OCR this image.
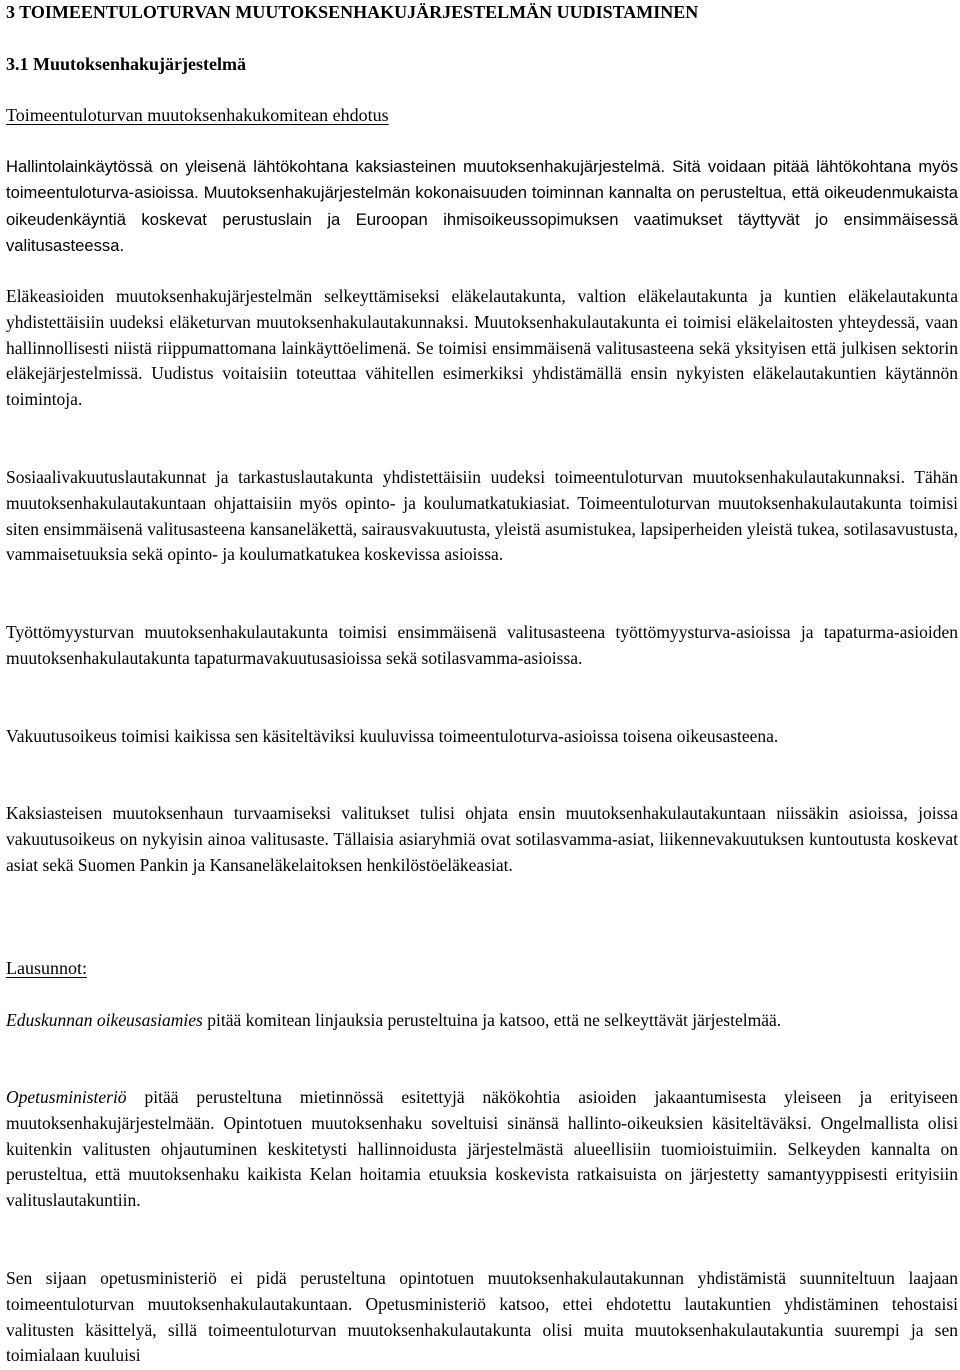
3 TOIMEENTULOTURVAN MUUTOKSENHAKUJÄRJESTELMÄN UUDISTAMINEN
3.1 Muutoksenhakujärjestelmä
Toimeentuloturvan muutoksenhakukomitean ehdotus

Hallintolainkäytössä on yleisenä lähtökohtana kaksiasteinen muutoksenhakujärjestelmä. Sitä voidaan pitää lähtökohtana myös toimeentuloturva-asioissa. Muutoksenhakujärjestelmän kokonaisuuden toiminnan kannalta on perusteltua, että oikeudenmukaista oikeudenkäyntiä koskevat perustuslain ja Euroopan ihmisoikeussopimuksen vaatimukset täyttyvät jo ensimmäisessä valitusasteessa.

Eläkeasioiden muutoksenhakujärjestelmän selkeyttämiseksi eläkelautakunta, valtion eläkelautakunta ja kuntien eläkelautakunta yhdistettäisiin uudeksi eläketurvan muutoksenhakulautakunnaksi. Muutoksenhakulautakunta ei toimisi eläkelaitosten yhteydessä, vaan hallinnollisesti niistä riippumattomana lainkäyttöelimenä. Se toimisi ensimmäisenä valitusasteena sekä yksityisen että julkisen sektorin eläkejärjestelmissä. Uudistus voitaisiin toteuttaa vähitellen esimerkiksi yhdistämällä ensin nykyisten eläkelautakuntien käytännön toimintoja.

Sosiaalivakuutuslautakunnat ja tarkastuslautakunta yhdistettäisiin uudeksi toimeentuloturvan muutoksenhakulautakunnaksi. Tähän muutoksenhakulautakuntaan ohjattaisiin myös opinto- ja koulumatkatukiasiat. Toimeentuloturvan muutoksenhakulautakunta toimisi siten ensimmäisenä valitusasteena kansaneläkettä, sairausvakuutusta, yleistä asumistukea, lapsiperheiden yleistä tukea, sotilasavustusta, vammaisetuuksia sekä opinto- ja koulumatkatukea koskevissa asioissa.

Työttömyysturvan muutoksenhakulautakunta toimisi ensimmäisenä valitusasteena työttömyysturva-asioissa ja tapaturma-asioiden muutoksenhakulautakunta tapaturmavakuutusasioissa sekä sotilasvamma-asioissa.

Vakuutusoikeus toimisi kaikissa sen käsiteltäviksi kuuluvissa toimeentuloturva-asioissa toisena oikeusasteena.

Kaksiasteisen muutoksenhaun turvaamiseksi valitukset tulisi ohjata ensin muutoksenhakulautakuntaan niissäkin asioissa, joissa vakuutusoikeus on nykyisin ainoa valitusaste. Tällaisia asiaryhmiä ovat sotilasvamma-asiat, liikennevakuutuksen kuntoutusta koskevat asiat sekä Suomen Pankin ja Kansaneläkelaitoksen henkilöstöeläkeasiat.

Lausunnot:

Eduskunnan oikeusasiamies pitää komitean linjauksia perusteltuina ja katsoo, että ne selkeyttävät järjestelmää.

Opetusministeriö pitää perusteltuna mietinnössä esitettyjä näkökohtia asioiden jakaantumisesta yleiseen ja erityiseen muutoksenhakujärjestelmään. Opintotuen muutoksenhaku soveltuisi sinänsä hallinto-oikeuksien käsiteltäväksi. Ongelmallista olisi kuitenkin valitusten ohjautuminen keskitetysti hallinnoidusta järjestelmästä alueellisiin tuomioistuimiin. Selkeyden kannalta on perusteltua, että muutoksenhaku kaikista Kelan hoitamia etuuksia koskevista ratkaisuista on järjestetty samantyyppisesti erityisiin valituslautakuntiin.

Sen sijaan opetusministeriö ei pidä perusteltuna opintotuen muutoksenhakulautakunnan yhdistämistä suunniteltuun laajaan toimeentuloturvan muutoksenhakulautakuntaan. Opetusministeriö katsoo, ettei ehdotettu lautakuntien yhdistäminen tehostaisi valitusten käsittelyä, sillä toimeentuloturvan muutoksenhakulautakunta olisi muita muutoksenhakulautakuntia suurempi ja sen toimialaan kuuluisi
